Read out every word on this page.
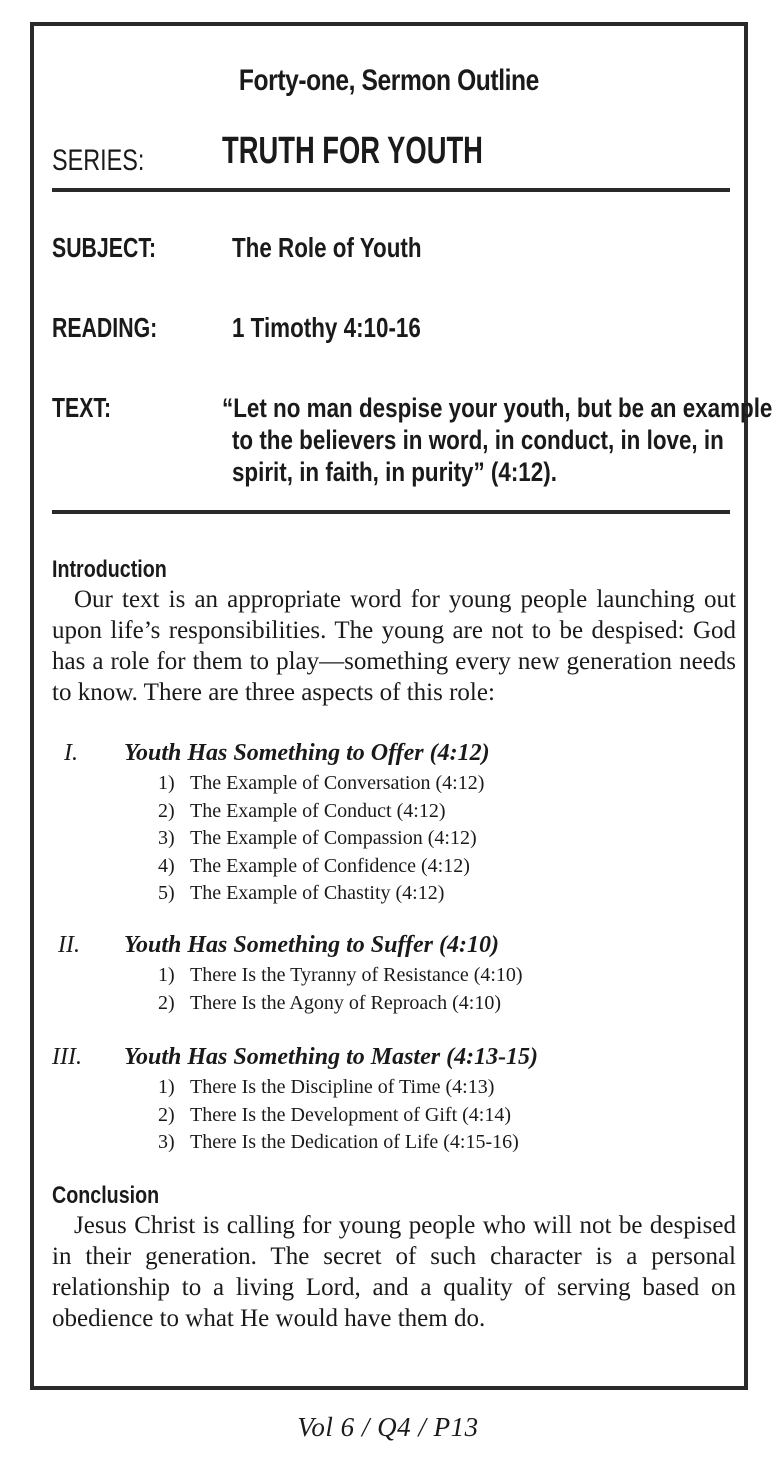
Forty-one, Sermon Outline
SERIES: TRUTH FOR YOUTH
SUBJECT:	The Role of Youth
READING:	1 Timothy 4:10-16
TEXT:	“Let no man despise your youth, but be an example
to the believers in word, in conduct, in love, in
spirit, in faith, in purity” (4:12).
Introduction

Our text is an appropriate word for young people launching out upon life’s responsibilities. The young are not to be despised: God has a role for them to play—something every new generation needs to know. There are three aspects of this role:

I. Youth Has Something to Offer (4:12)
1) The Example of Conversation (4:12)
2) The Example of Conduct (4:12)
3) The Example of Compassion (4:12)
4) The Example of Confidence (4:12)
5) The Example of Chastity (4:12)
II. Youth Has Something to Suffer (4:10)
1) There Is the Tyranny of Resistance (4:10)
2) There Is the Agony of Reproach (4:10)
III. Youth Has Something to Master (4:13-15)
1) There Is the Discipline of Time (4:13)
2) There Is the Development of Gift (4:14)
3) There Is the Dedication of Life (4:15-16)
Conclusion

Jesus Christ is calling for young people who will not be despised in their generation. The secret of such character is a personal relationship to a living Lord, and a quality of serving based on obedience to what He would have them do.

Vol 6 / Q4 / P13
